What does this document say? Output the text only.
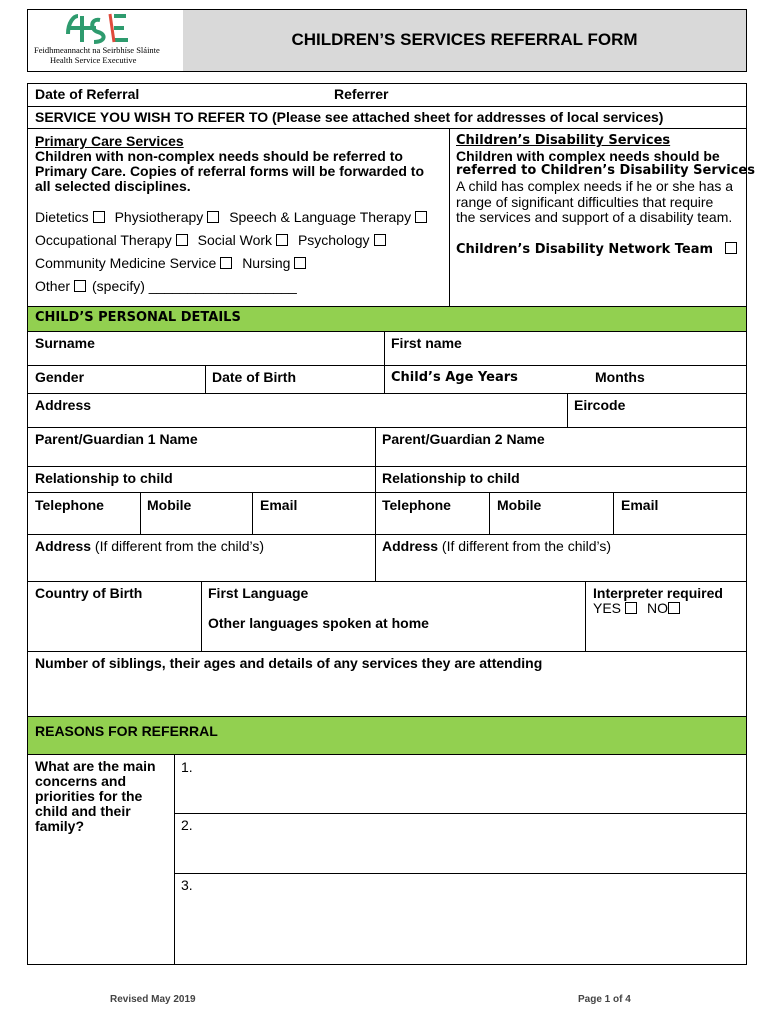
Feidhmeannacht na Seirbhíse Sláinte
Health Service Executive
CHILDREN’S SERVICES REFERRAL FORM
Date of Referral	Referrer
SERVICE YOU WISH TO REFER TO (Please see attached sheet for addresses of local services)
Primary Care Services
Children with non-complex needs should be referred to
Primary Care. Copies of referral forms will be forwarded to
all selected disciplines.
Dietetics Physiotherapy Speech & Language Therapy
Occupational Therapy Social Work Psychology
Community Medicine Service Nursing
Other (specify) ___________________
Children’s Disability Services
Children with complex needs should be
referred to Children’s Disability Services
A child has complex needs if he or she has a
range of significant difficulties that require
the services and support of a disability team.
Children’s Disability Network Team
CHILD’S PERSONAL DETAILS
Surname	First name
Gender	Date of Birth	Child’s Age Years	Months
Address	Eircode
Parent/Guardian 1 Name	Parent/Guardian 2 Name
Relationship to child	Relationship to child
Telephone	Mobile	Email	Telephone	Mobile	Email
Address (If different from the child’s)	Address (If different from the child’s)
Country of Birth	First Language
Other languages spoken at home
Interpreter required
YES NO
Number of siblings, their ages and details of any services they are attending
REASONS FOR REFERRAL
What are the main
concerns and
priorities for the
child and their
family?
1.
2.
3.
Revised May 2019	Page 1 of 4
